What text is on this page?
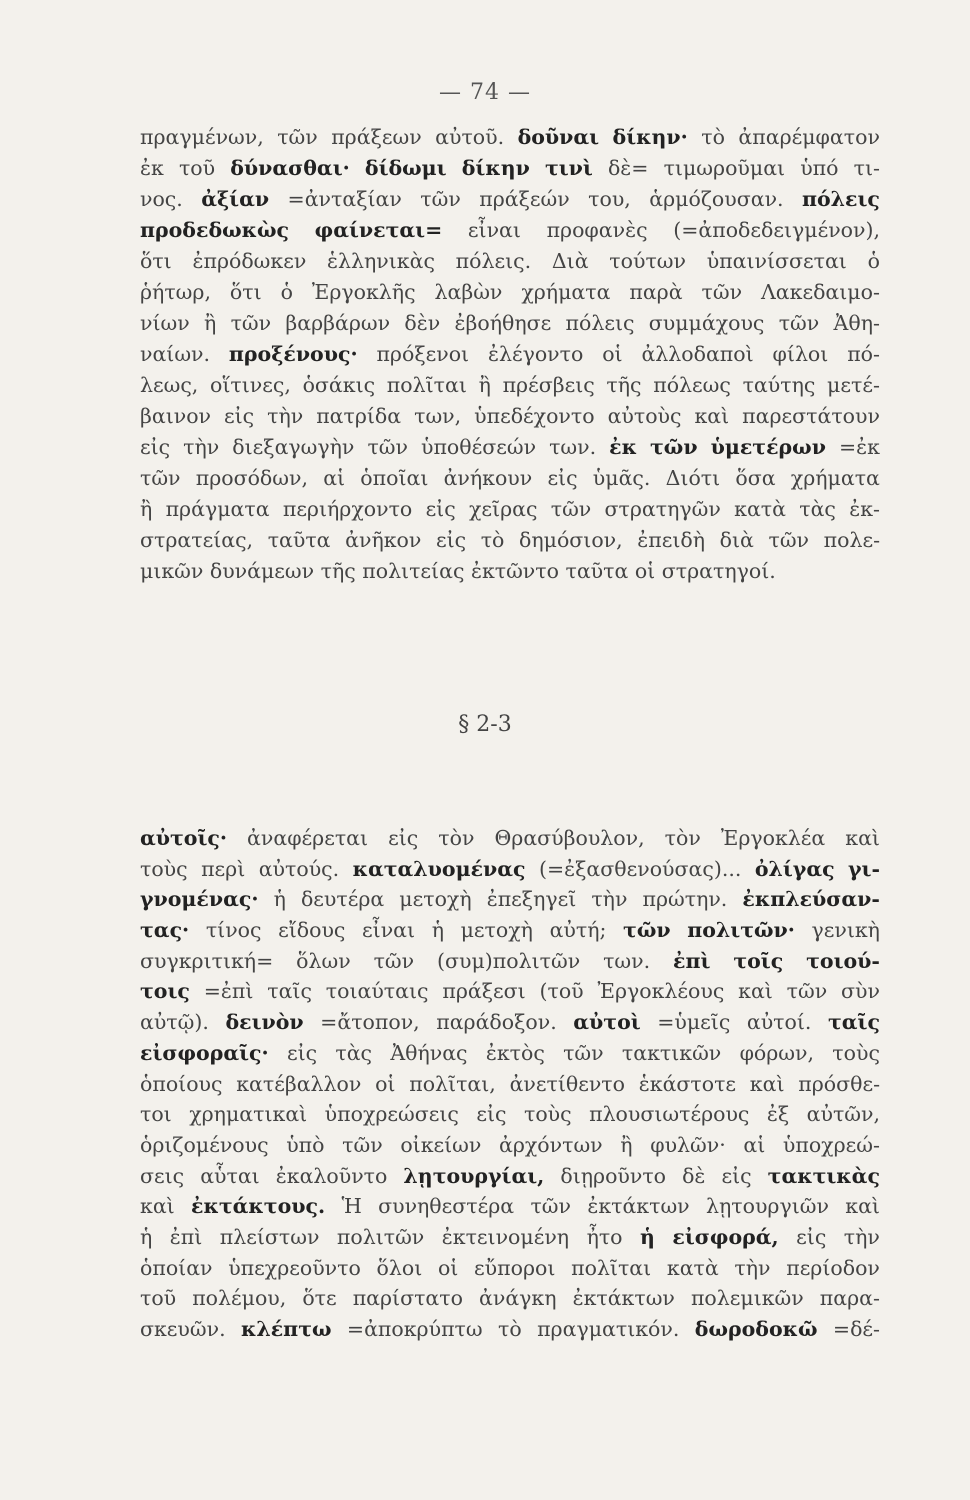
— 74 —
πραγμένων, τῶν πράξεων αὐτοῦ. δοῦναι δίκην· τὸ ἀπαρέμφατον
ἐκ τοῦ δύνασθαι· δίδωμι δίκην τινὶ δὲ= τιμωροῦμαι ὑπό τι-
νος. ἀξίαν =ἀνταξίαν τῶν πράξεών του, ἁρμόζουσαν. πόλεις
προδεδωκὼς φαίνεται= εἶναι προφανὲς (=ἀποδεδειγμένον),
ὅτι ἐπρόδωκεν ἑλληνικὰς πόλεις. Διὰ τούτων ὑπαινίσσεται ὁ
ῥήτωρ, ὅτι ὁ Ἐργοκλῆς λαβὼν χρήματα παρὰ τῶν Λακεδαιμο-
νίων ἢ τῶν βαρβάρων δὲν ἐβοήθησε πόλεις συμμάχους τῶν Ἀθη-
ναίων. προξένους· πρόξενοι ἐλέγοντο οἱ ἀλλοδαποὶ φίλοι πό-
λεως, οἵτινες, ὁσάκις πολῖται ἢ πρέσβεις τῆς πόλεως ταύτης μετέ-
βαινον εἰς τὴν πατρίδα των, ὑπεδέχοντο αὐτοὺς καὶ παρεστάτουν
εἰς τὴν διεξαγωγὴν τῶν ὑποθέσεών των. ἐκ τῶν ὑμετέρων =ἐκ
τῶν προσόδων, αἱ ὁποῖαι ἀνήκουν εἰς ὑμᾶς. Διότι ὅσα χρήματα
ἢ πράγματα περιήρχοντο εἰς χεῖρας τῶν στρατηγῶν κατὰ τὰς ἐκ-
στρατείας, ταῦτα ἀνῆκον εἰς τὸ δημόσιον, ἐπειδὴ διὰ τῶν πολε-
μικῶν δυνάμεων τῆς πολιτείας ἐκτῶντο ταῦτα οἱ στρατηγοί.
§ 2-3
αὐτοῖς· ἀναφέρεται εἰς τὸν Θρασύβουλον, τὸν Ἐργοκλέα καὶ
τοὺς περὶ αὐτούς. καταλυομένας (=ἐξασθενούσας)... ὀλίγας γι-
γνομένας· ἡ δευτέρα μετοχὴ ἐπεξηγεῖ τὴν πρώτην. ἐκπλεύσαν-
τας· τίνος εἴδους εἶναι ἡ μετοχὴ αὐτή; τῶν πολιτῶν· γενικὴ
συγκριτική= ὅλων τῶν (συμ)πολιτῶν των. ἐπὶ τοῖς τοιού-
τοις =ἐπὶ ταῖς τοιαύταις πράξεσι (τοῦ Ἐργοκλέους καὶ τῶν σὺν
αὐτῷ). δεινὸν =ἄτοπον, παράδοξον. αὐτοὶ =ὑμεῖς αὐτοί. ταῖς
εἰσφοραῖς· εἰς τὰς Ἀθήνας ἐκτὸς τῶν τακτικῶν φόρων, τοὺς
ὁποίους κατέβαλλον οἱ πολῖται, ἀνετίθεντο ἑκάστοτε καὶ πρόσθε-
τοι χρηματικαὶ ὑποχρεώσεις εἰς τοὺς πλουσιωτέρους ἐξ αὐτῶν,
ὁριζομένους ὑπὸ τῶν οἰκείων ἀρχόντων ἢ φυλῶν· αἱ ὑποχρεώ-
σεις αὗται ἐκαλοῦντο λῃτουργίαι, διῃροῦντο δὲ εἰς τακτικὰς
καὶ ἐκτάκτους. Ἡ συνηθεστέρα τῶν ἐκτάκτων λῃτουργιῶν καὶ
ἡ ἐπὶ πλείστων πολιτῶν ἐκτεινομένη ἦτο ἡ εἰσφορά, εἰς τὴν
ὁποίαν ὑπεχρεοῦντο ὅλοι οἱ εὔποροι πολῖται κατὰ τὴν περίοδον
τοῦ πολέμου, ὅτε παρίστατο ἀνάγκη ἐκτάκτων πολεμικῶν παρα-
σκευῶν. κλέπτω =ἀποκρύπτω τὸ πραγματικόν. δωροδοκῶ =δέ-
